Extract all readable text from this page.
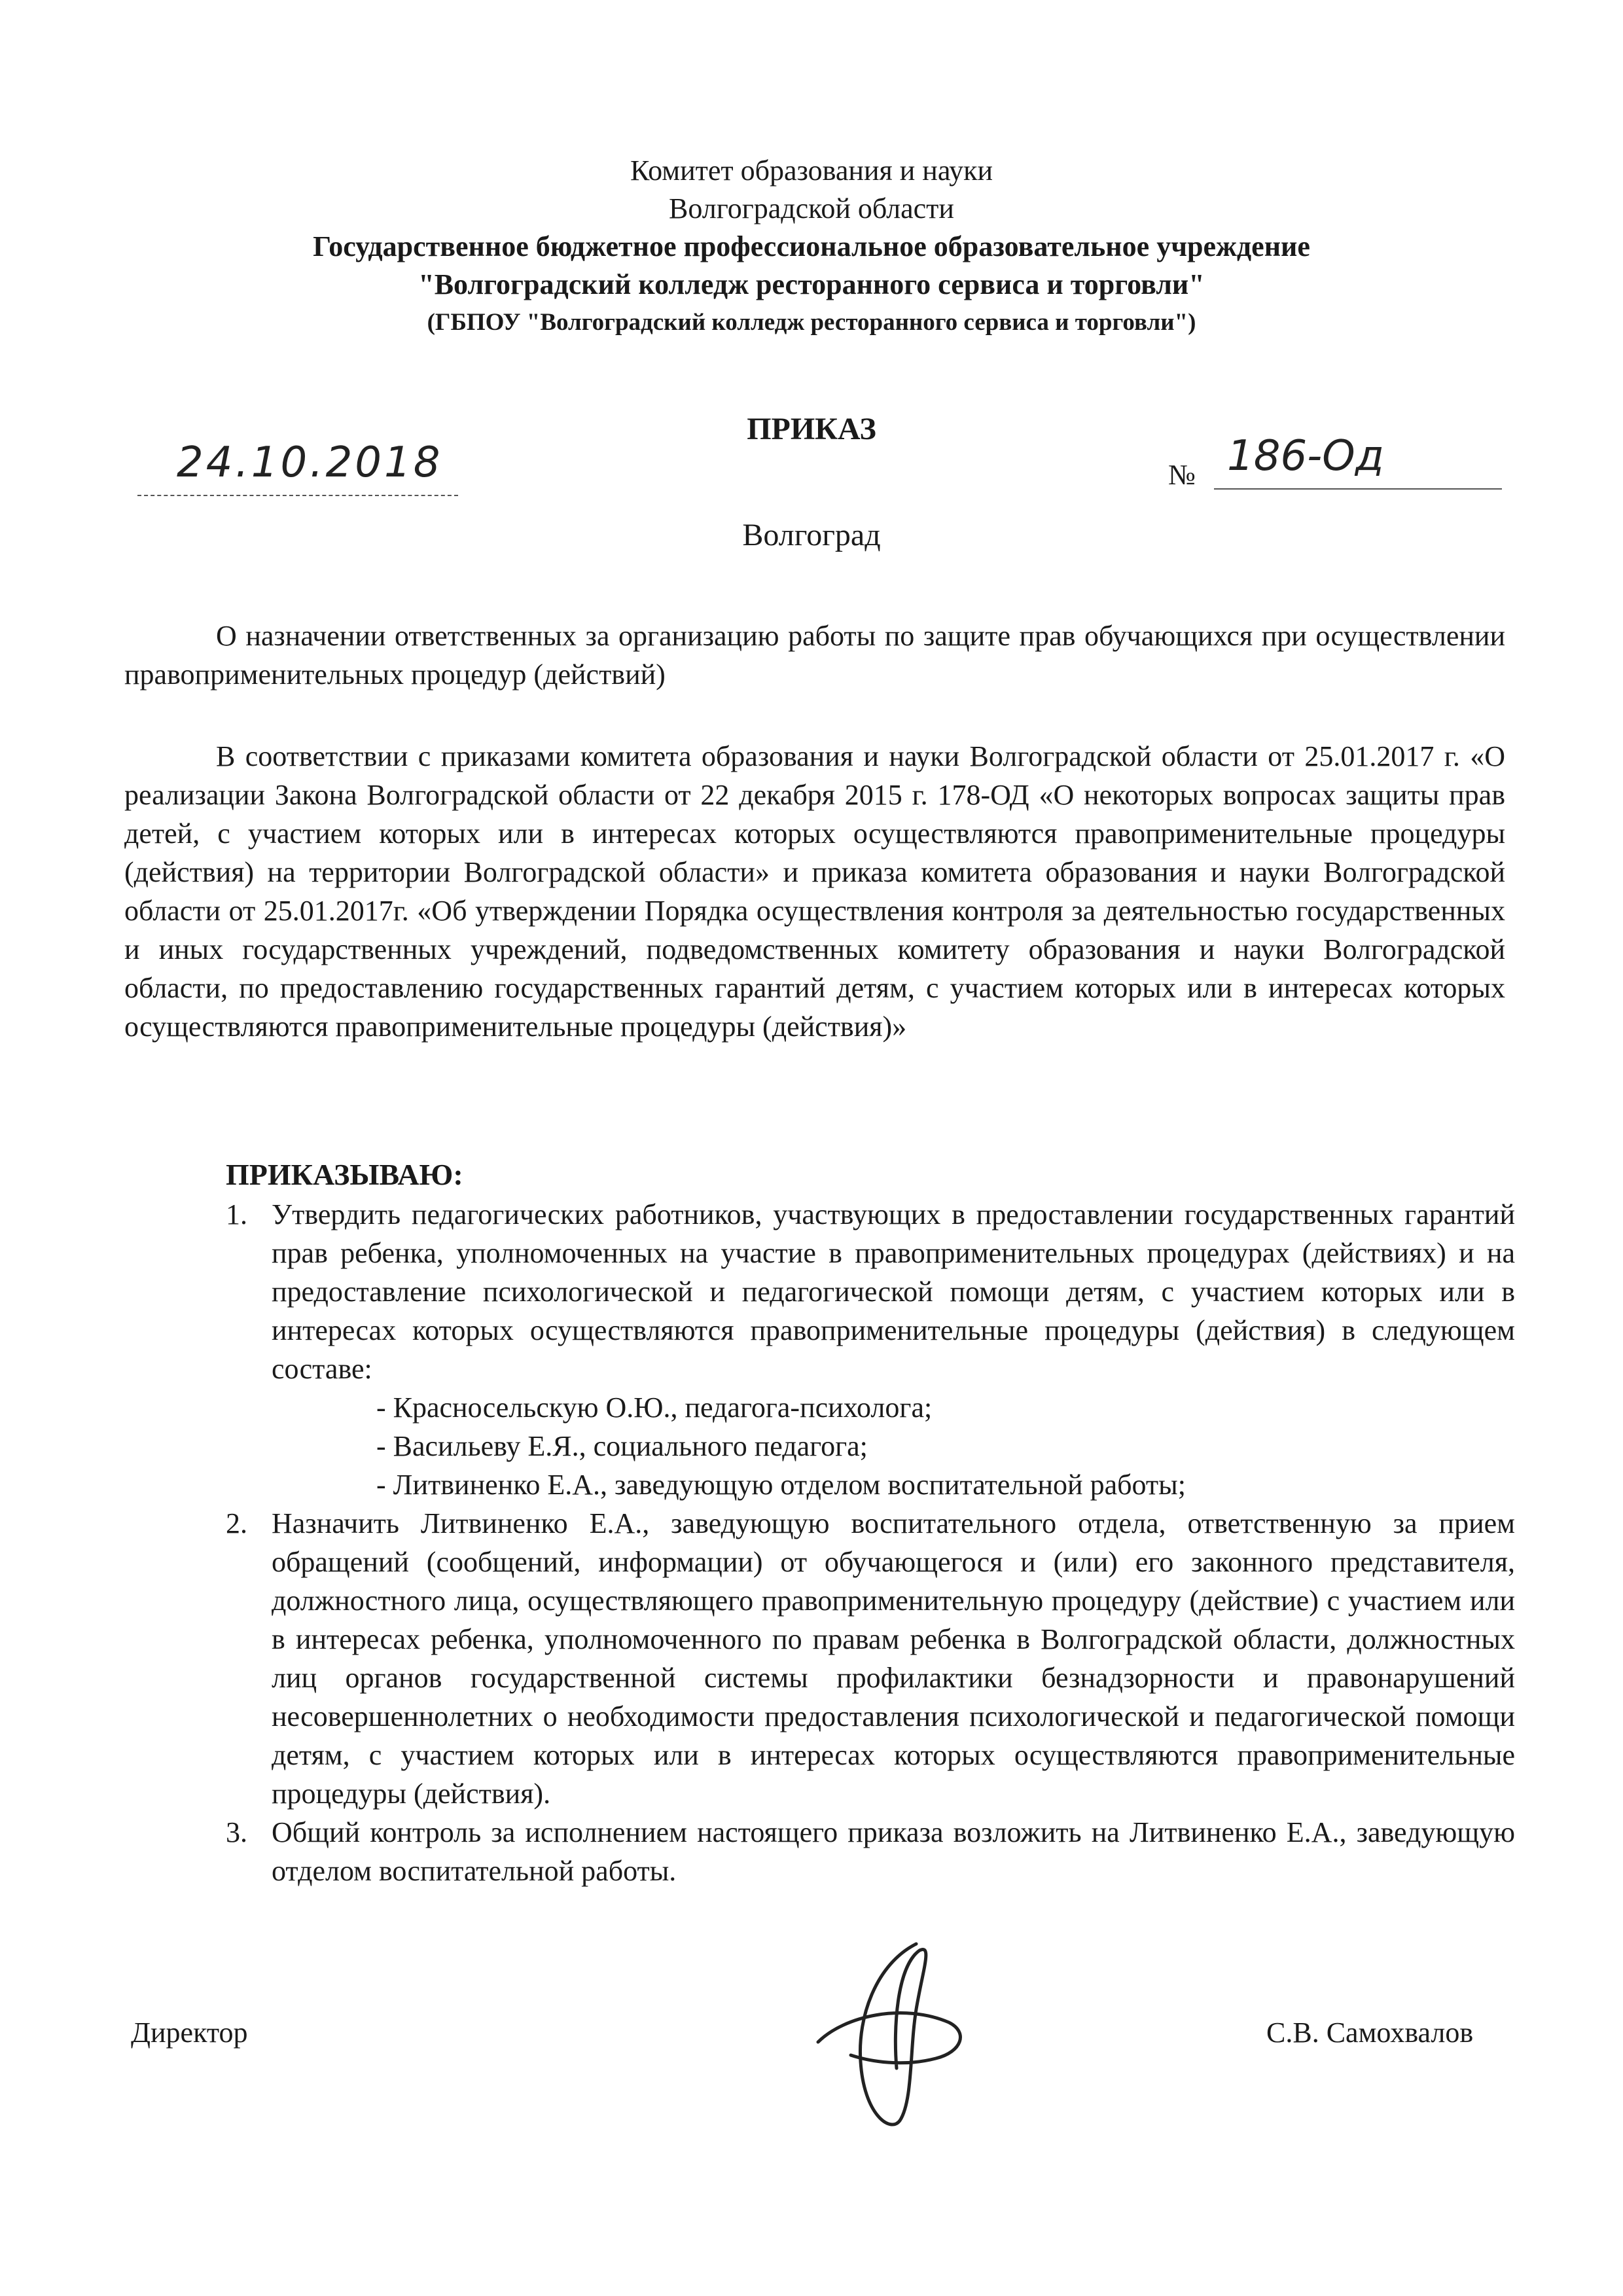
Комитет образования и науки
Волгоградской области
Государственное бюджетное профессиональное образовательное учреждение
"Волгоградский колледж ресторанного сервиса и торговли"
(ГБПОУ "Волгоградский колледж ресторанного сервиса и торговли")
ПРИКАЗ
24.10.2018	№ 186-Од
Волгоград

О назначении ответственных за организацию работы по защите прав обучающихся при осуществлении правоприменительных процедур (действий)

В соответствии с приказами комитета образования и науки Волгоградской области от 25.01.2017 г. «О реализации Закона Волгоградской области от 22 декабря 2015 г. 178-ОД «О некоторых вопросах защиты прав детей, с участием которых или в интересах которых осуществляются правоприменительные процедуры (действия) на территории Волгоградской области» и приказа комитета образования и науки Волгоградской области от 25.01.2017г. «Об утверждении Порядка осуществления контроля за деятельностью государственных и иных государственных учреждений, подведомственных комитету образования и науки Волгоградской области, по предоставлению государственных гарантий детям, с участием которых или в интересах которых осуществляются правоприменительные процедуры (действия)»

ПРИКАЗЫВАЮ:
1. Утвердить педагогических работников, участвующих в предоставлении государственных гарантий прав ребенка, уполномоченных на участие в правоприменительных процедурах (действиях) и на предоставление психологической и педагогической помощи детям, с участием которых или в интересах которых осуществляются правоприменительные процедуры (действия) в следующем составе:
- Красносельскую О.Ю., педагога-психолога;
- Васильеву Е.Я., социального педагога;
- Литвиненко Е.А., заведующую отделом воспитательной работы;
2. Назначить Литвиненко Е.А., заведующую воспитательного отдела, ответственную за прием обращений (сообщений, информации) от обучающегося и (или) его законного представителя, должностного лица, осуществляющего правоприменительную процедуру (действие) с участием или в интересах ребенка, уполномоченного по правам ребенка в Волгоградской области, должностных лиц органов государственной системы профилактики безнадзорности и правонарушений несовершеннолетних о необходимости предоставления психологической и педагогической помощи детям, с участием которых или в интересах которых осуществляются правоприменительные процедуры (действия).
3. Общий контроль за исполнением настоящего приказа возложить на Литвиненко Е.А., заведующую отделом воспитательной работы.
Директор	С.В. Самохвалов
